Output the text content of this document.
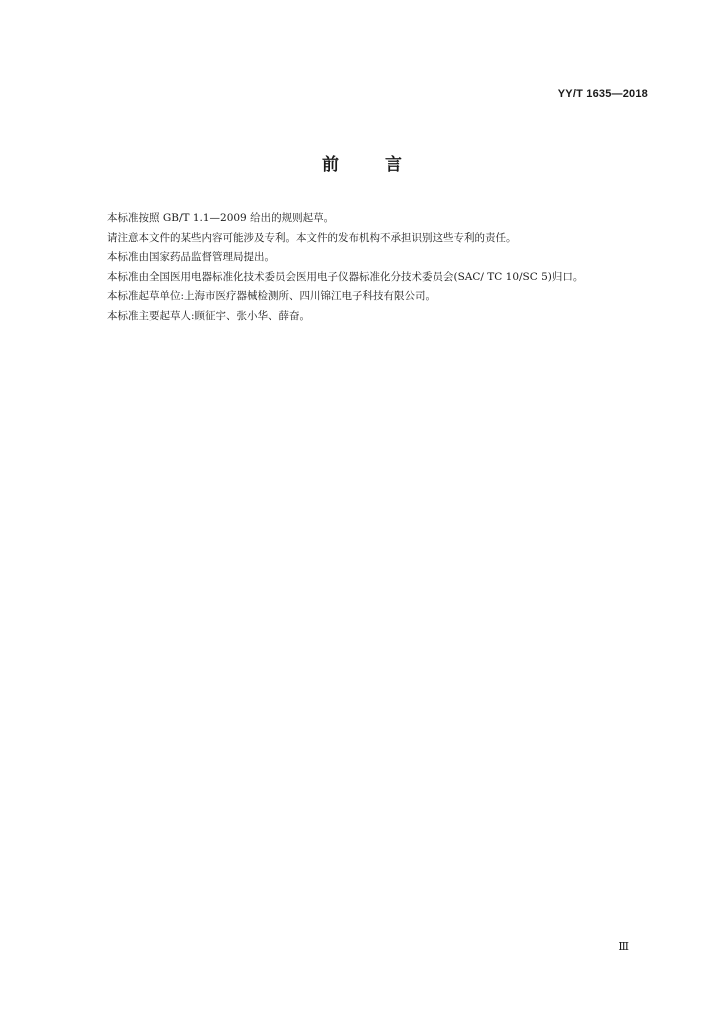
YY/T 1635—2018
前言

本标准按照 GB/T 1.1—2009 给出的规则起草。

请注意本文件的某些内容可能涉及专利。本文件的发布机构不承担识别这些专利的责任。

本标准由国家药品监督管理局提出。

本标准由全国医用电器标准化技术委员会医用电子仪器标准化分技术委员会(SAC/ TC 10/SC 5)归口。

本标准起草单位:上海市医疗器械检测所、四川锦江电子科技有限公司。

本标准主要起草人:顾征宇、张小华、薛奋。

Ⅲ
